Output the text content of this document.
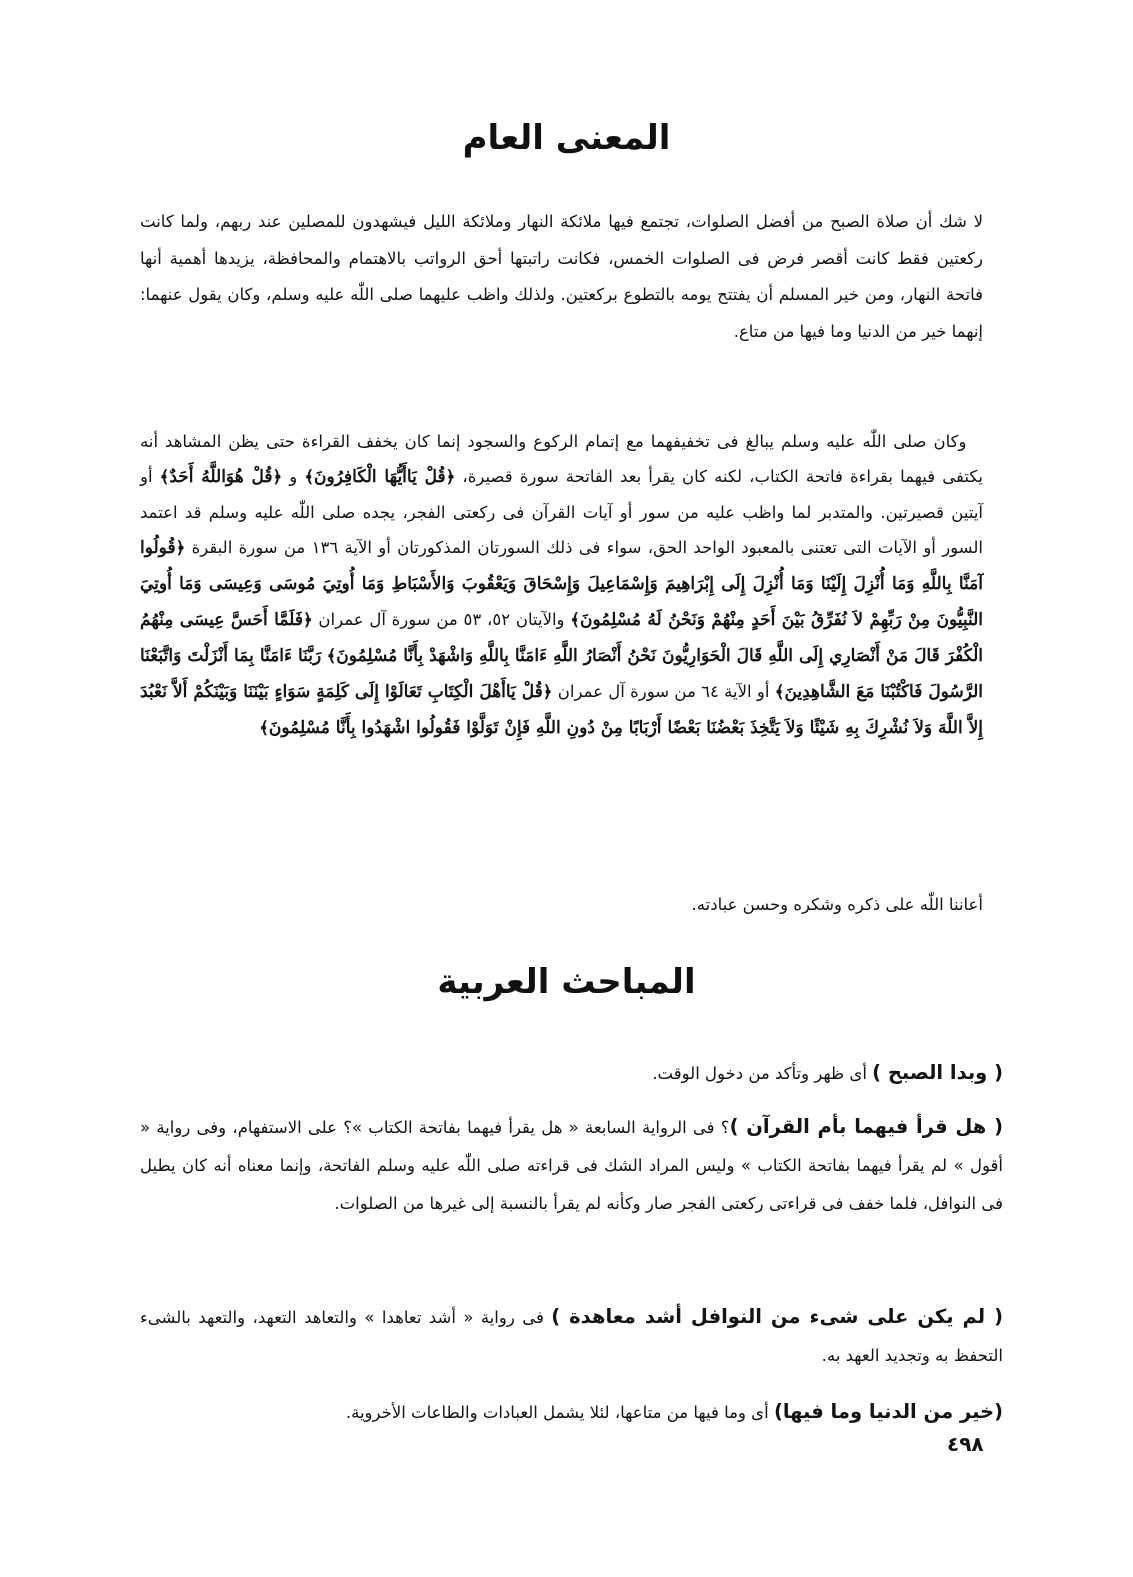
المعنى العام

لا شك أن صلاة الصبح من أفضل الصلوات، تجتمع فيها ملائكة النهار وملائكة الليل فيشهدون للمصلين عند ربهم، ولما كانت ركعتين فقط كانت أقصر فرض فى الصلوات الخمس، فكانت راتبتها أحق الرواتب بالاهتمام والمحافظة، يزيدها أهمية أنها فاتحة النهار، ومن خير المسلم أن يفتتح يومه بالتطوع بركعتين. ولذلك واظب عليهما صلى اللّٰه عليه وسلم، وكان يقول عنهما: إنهما خير من الدنيا وما فيها من متاع.

 وكان صلى اللّٰه عليه وسلم يبالغ فى تخفيفهما مع إتمام الركوع والسجود إنما كان يخفف القراءة حتى يظن المشاهد أنه يكتفى فيهما بقراءة فاتحة الكتاب، لكنه كان يقرأ بعد الفاتحة سورة قصيرة، ﴿قُلْ يَاأَيُّهَا الْكَافِرُونَ﴾ و ﴿قُلْ هُوَاللَّهُ أَحَدٌ﴾ أو آيتين قصيرتين. والمتدبر لما واظب عليه من سور أو آيات القرآن فى ركعتى الفجر، يجده صلى اللّٰه عليه وسلم قد اعتمد السور أو الآيات التى تعتنى بالمعبود الواحد الحق، سواء فى ذلك السورتان المذكورتان أو الآية ١٣٦ من سورة البقرة ﴿قُولُوا آمَنَّا بِاللَّهِ وَمَا أُنْزِلَ إِلَيْنَا وَمَا أُنْزِلَ إِلَى إِبْرَاهِيمَ وَإِسْمَاعِيلَ وَإِسْحَاقَ وَيَعْقُوبَ وَالأَسْبَاطِ وَمَا أُوتِيَ مُوسَى وَعِيسَى وَمَا أُوتِيَ النَّبِيُّونَ مِنْ رَبِّهِمْ لاَ نُفَرِّقُ بَيْنَ أَحَدٍ مِنْهُمْ وَنَحْنُ لَهُ مُسْلِمُونَ﴾ والآيتان ٥٢، ٥٣ من سورة آل عمران ﴿فَلَمَّا أَحَسَّ عِيسَى مِنْهُمُ الْكُفْرَ قَالَ مَنْ أَنْصَارِي إِلَى اللَّهِ قَالَ الْحَوَارِيُّونَ نَحْنُ أَنْصَارُ اللَّهِ ءَامَنَّا بِاللَّهِ وَاشْهَدْ بِأَنَّا مُسْلِمُونَ﴾ رَبَّنَا ءَامَنَّا بِمَا أَنْزَلْتَ وَاتَّبَعْنَا الرَّسُولَ فَاكْتُبْنَا مَعَ الشَّاهِدِينَ﴾ أو الآية ٦٤ من سورة آل عمران ﴿قُلْ يَاأَهْلَ الْكِتَابِ تَعَالَوْا إِلَى كَلِمَةٍ سَوَاءٍ بَيْنَنَا وَبَيْنَكُمْ أَلاَّ نَعْبُدَ إِلاَّ اللَّهَ وَلاَ نُشْرِكَ بِهِ شَيْئًا وَلاَ يَتَّخِذَ بَعْضُنَا بَعْضًا أَرْبَابًا مِنْ دُونِ اللَّهِ فَإِنْ تَوَلَّوْا فَقُولُوا اشْهَدُوا بِأَنَّا مُسْلِمُونَ﴾

أعاننا اللّٰه على ذكره وشكره وحسن عبادته.

المباحث العربية

( وبدا الصبح ) أى ظهر وتأكد من دخول الوقت.

( هل قرأ فيهما بأم القرآن )؟ فى الرواية السابعة « هل يقرأ فيهما بفاتحة الكتاب »؟ على الاستفهام، وفى رواية « أقول » لم يقرأ فيهما بفاتحة الكتاب » وليس المراد الشك فى قراءته صلى اللّٰه عليه وسلم الفاتحة، وإنما معناه أنه كان يطيل فى النوافل، فلما خفف فى قراءتى ركعتى الفجر صار وكأنه لم يقرأ بالنسبة إلى غيرها من الصلوات.

( لم يكن على شىء من النوافل أشد معاهدة ) فى رواية « أشد تعاهدا » والتعاهد التعهد، والتعهد بالشىء التحفظ به وتجديد العهد به.

(خير من الدنيا وما فيها) أى وما فيها من متاعها، لئلا يشمل العبادات والطاعات الأخروية.

٤٩٨
